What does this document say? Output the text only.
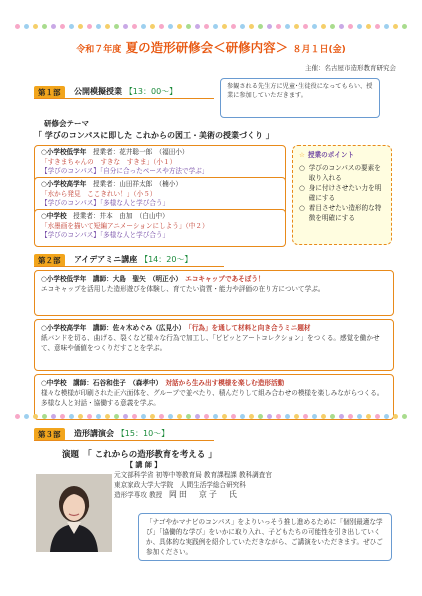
令和７年度 夏の造形研修会＜研修内容＞ ８月１日(金)
主催：名古屋市造形教育研究会
第１部	公開模擬授業 【13：00～】
参観される先生方に児童･生徒役になってもらい、授業に参加していただきます。
研修会テーマ
「 学びのコンパスに即した これからの図工・美術の授業づくり 」
○小学校低学年　 授業者：花井聡一郎　（福田小）
「すきまちゃんの　すきな　すきま」（小１）
【学びのコンパス】「自分に合ったペースや方法で学ぶ」
○小学校高学年　 授業者：山田祥太郎　（楠小）
「水から発見　ここきれい！」（小５）
【学びのコンパス】「多様な人と学び合う」
○中学校　 授業者：井本　由加　（白山中）
「水墨画を描いて短編アニメーションにしよう」（中２）
【学びのコンパス】「多様な人と学び合う」
☆ 授業のポイント
○ 学びのコンパスの要素を取り入れる
○ 身に付けさせたい力を明確にする
○ 着目させたい造形的な特徴を明確にする
第２部	アイデアミニ講座 【14：20～】
○小学校低学年　 講師：大島　聖矢　（明正小）　 エコキャップであそぼう！
エコキャップを活用した造形遊びを体験し、育てたい資質・能力や評価の在り方について学ぶ。
○小学校高学年　 講師：佐々木めぐみ（広見小）　 「行為」を通して材料と向き合うミニ題材
紙バンドを切る、曲げる、裂くなど様々な行為で加工し、「ビビッとアートコレクション」をつくる。感覚を働かせて、意味や価値をつくりだすことを学ぶ。
○中学校　 講師：石谷和佳子　（森孝中）　 対話から生み出す模様を楽しむ造形活動
様々な模様が印刷された正六面体を、グループで並べたり、積んだりして組み合わせの模様を楽しみながらつくる。多様な人と対話・協働する意義を学ぶ。
第３部	造形講演会 【15：10～】
演題　 「 これからの造形教育を考える 」
【 講 師 】
元文部科学省 初等中等教育局 教育課程課 教科調査官
東京家政大学大学院　人間生活学総合研究科
造形学専攻 教授　 岡田　京子　氏
「ナゴやかマナビのコンパス」をよりいっそう推し進めるために「個別最適な学び」「協働的な学び」をいかに取り入れ、子どもたちの可能性を引き出していくか、具体的な実践例を紹介していただきながら、ご講演をいただきます。ぜひご参加ください。
